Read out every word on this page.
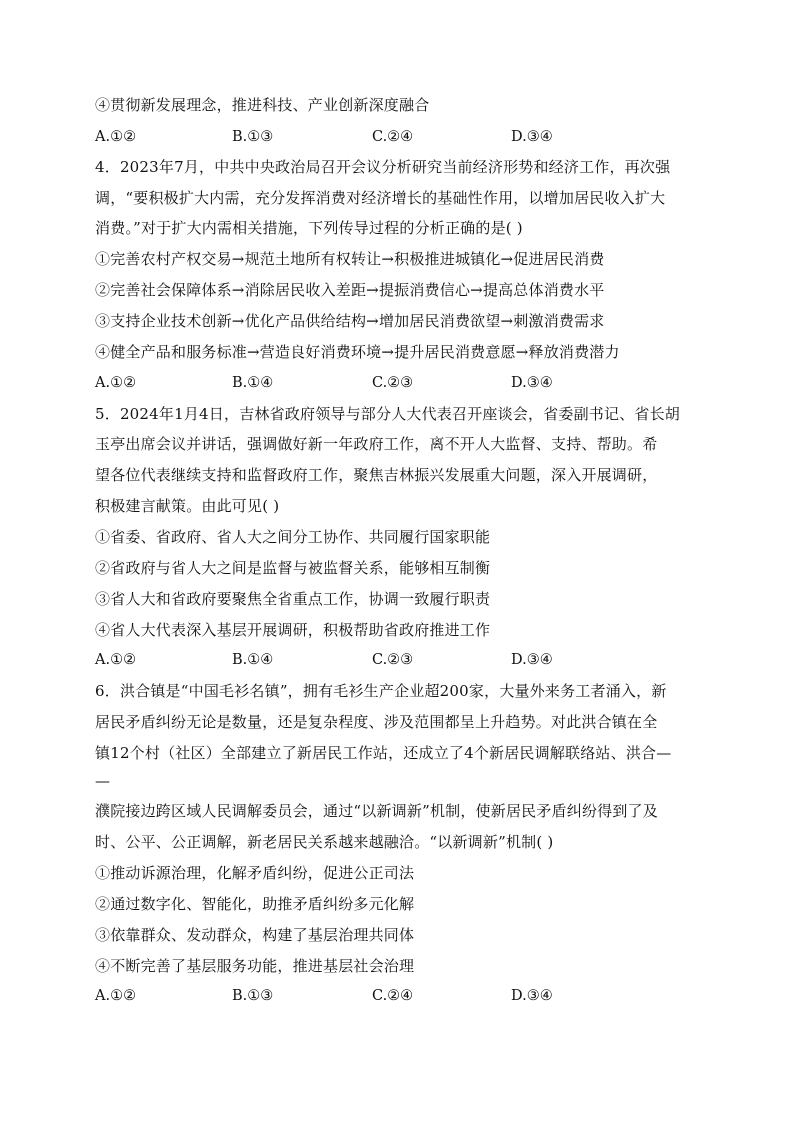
④贯彻新发展理念，推进科技、产业创新深度融合
A.①②	B.①③	C.②④	D.③④
4．2023年7月，中共中央政治局召开会议分析研究当前经济形势和经济工作，再次强
调，“要积极扩大内需，充分发挥消费对经济增长的基础性作用，以增加居民收入扩大
消费。”对于扩大内需相关措施，下列传导过程的分析正确的是( )
①完善农村产权交易→规范土地所有权转让→积极推进城镇化→促进居民消费
②完善社会保障体系→消除居民收入差距→提振消费信心→提高总体消费水平
③支持企业技术创新→优化产品供给结构→增加居民消费欲望→刺激消费需求
④健全产品和服务标准→营造良好消费环境→提升居民消费意愿→释放消费潜力
A.①②	B.①④	C.②③	D.③④
5．2024年1月4日，吉林省政府领导与部分人大代表召开座谈会，省委副书记、省长胡
玉亭出席会议并讲话，强调做好新一年政府工作，离不开人大监督、支持、帮助。希
望各位代表继续支持和监督政府工作，聚焦吉林振兴发展重大问题，深入开展调研，
积极建言献策。由此可见( )
①省委、省政府、省人大之间分工协作、共同履行国家职能
②省政府与省人大之间是监督与被监督关系，能够相互制衡
③省人大和省政府要聚焦全省重点工作，协调一致履行职责
④省人大代表深入基层开展调研，积极帮助省政府推进工作
A.①②	B.①④	C.②③	D.③④
6．洪合镇是“中国毛衫名镇”，拥有毛衫生产企业超200家，大量外来务工者涌入，新
居民矛盾纠纷无论是数量，还是复杂程度、涉及范围都呈上升趋势。对此洪合镇在全
镇12个村（社区）全部建立了新居民工作站，还成立了4个新居民调解联络站、洪合—
—
濮院接边跨区域人民调解委员会，通过“以新调新”机制，使新居民矛盾纠纷得到了及
时、公平、公正调解，新老居民关系越来越融洽。“以新调新”机制( )
①推动诉源治理，化解矛盾纠纷，促进公正司法
②通过数字化、智能化，助推矛盾纠纷多元化解
③依靠群众、发动群众，构建了基层治理共同体
④不断完善了基层服务功能，推进基层社会治理
A.①②	B.①③	C.②④	D.③④
